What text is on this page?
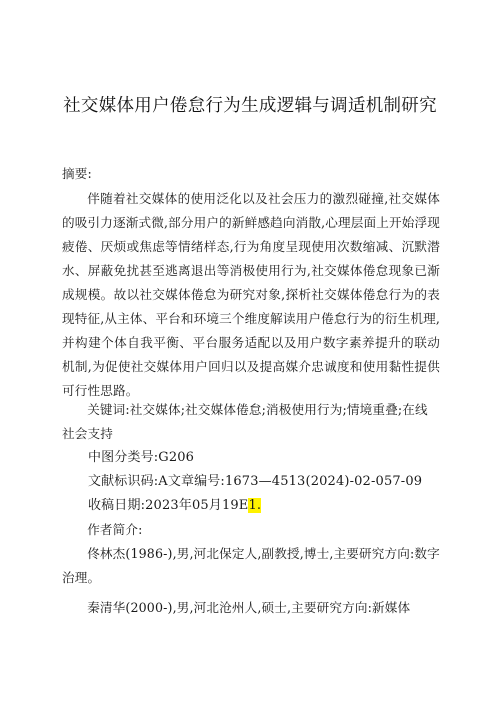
社交媒体用户倦怠行为生成逻辑与调适机制研究
摘要:
伴随着社交媒体的使用泛化以及社会压力的激烈碰撞,社交媒体的吸引力逐渐式微,部分用户的新鲜感趋向消散,心理层面上开始浮现疲倦、厌烦或焦虑等情绪样态,行为角度呈现使用次数缩减、沉默潜水、屏蔽免扰甚至逃离退出等消极使用行为,社交媒体倦怠现象已渐成规模。故以社交媒体倦怠为研究对象,探析社交媒体倦怠行为的表现特征,从主体、平台和环境三个维度解读用户倦怠行为的衍生机理,并构建个体自我平衡、平台服务适配以及用户数字素养提升的联动机制,为促使社交媒体用户回归以及提高媒介忠诚度和使用黏性提供可行性思路。
关键词:社交媒体;社交媒体倦怠;消极使用行为;情境重叠;在线社会支持
中图分类号:G206
文献标识码:A文章编号:1673—4513(2024)-02-057-09
收稿日期:2023年05月19E1.
作者简介:
佟林杰(1986-),男,河北保定人,副教授,博士,主要研究方向:数字治理。
秦清华(2000-),男,河北沧州人,硕士,主要研究方向:新媒体
